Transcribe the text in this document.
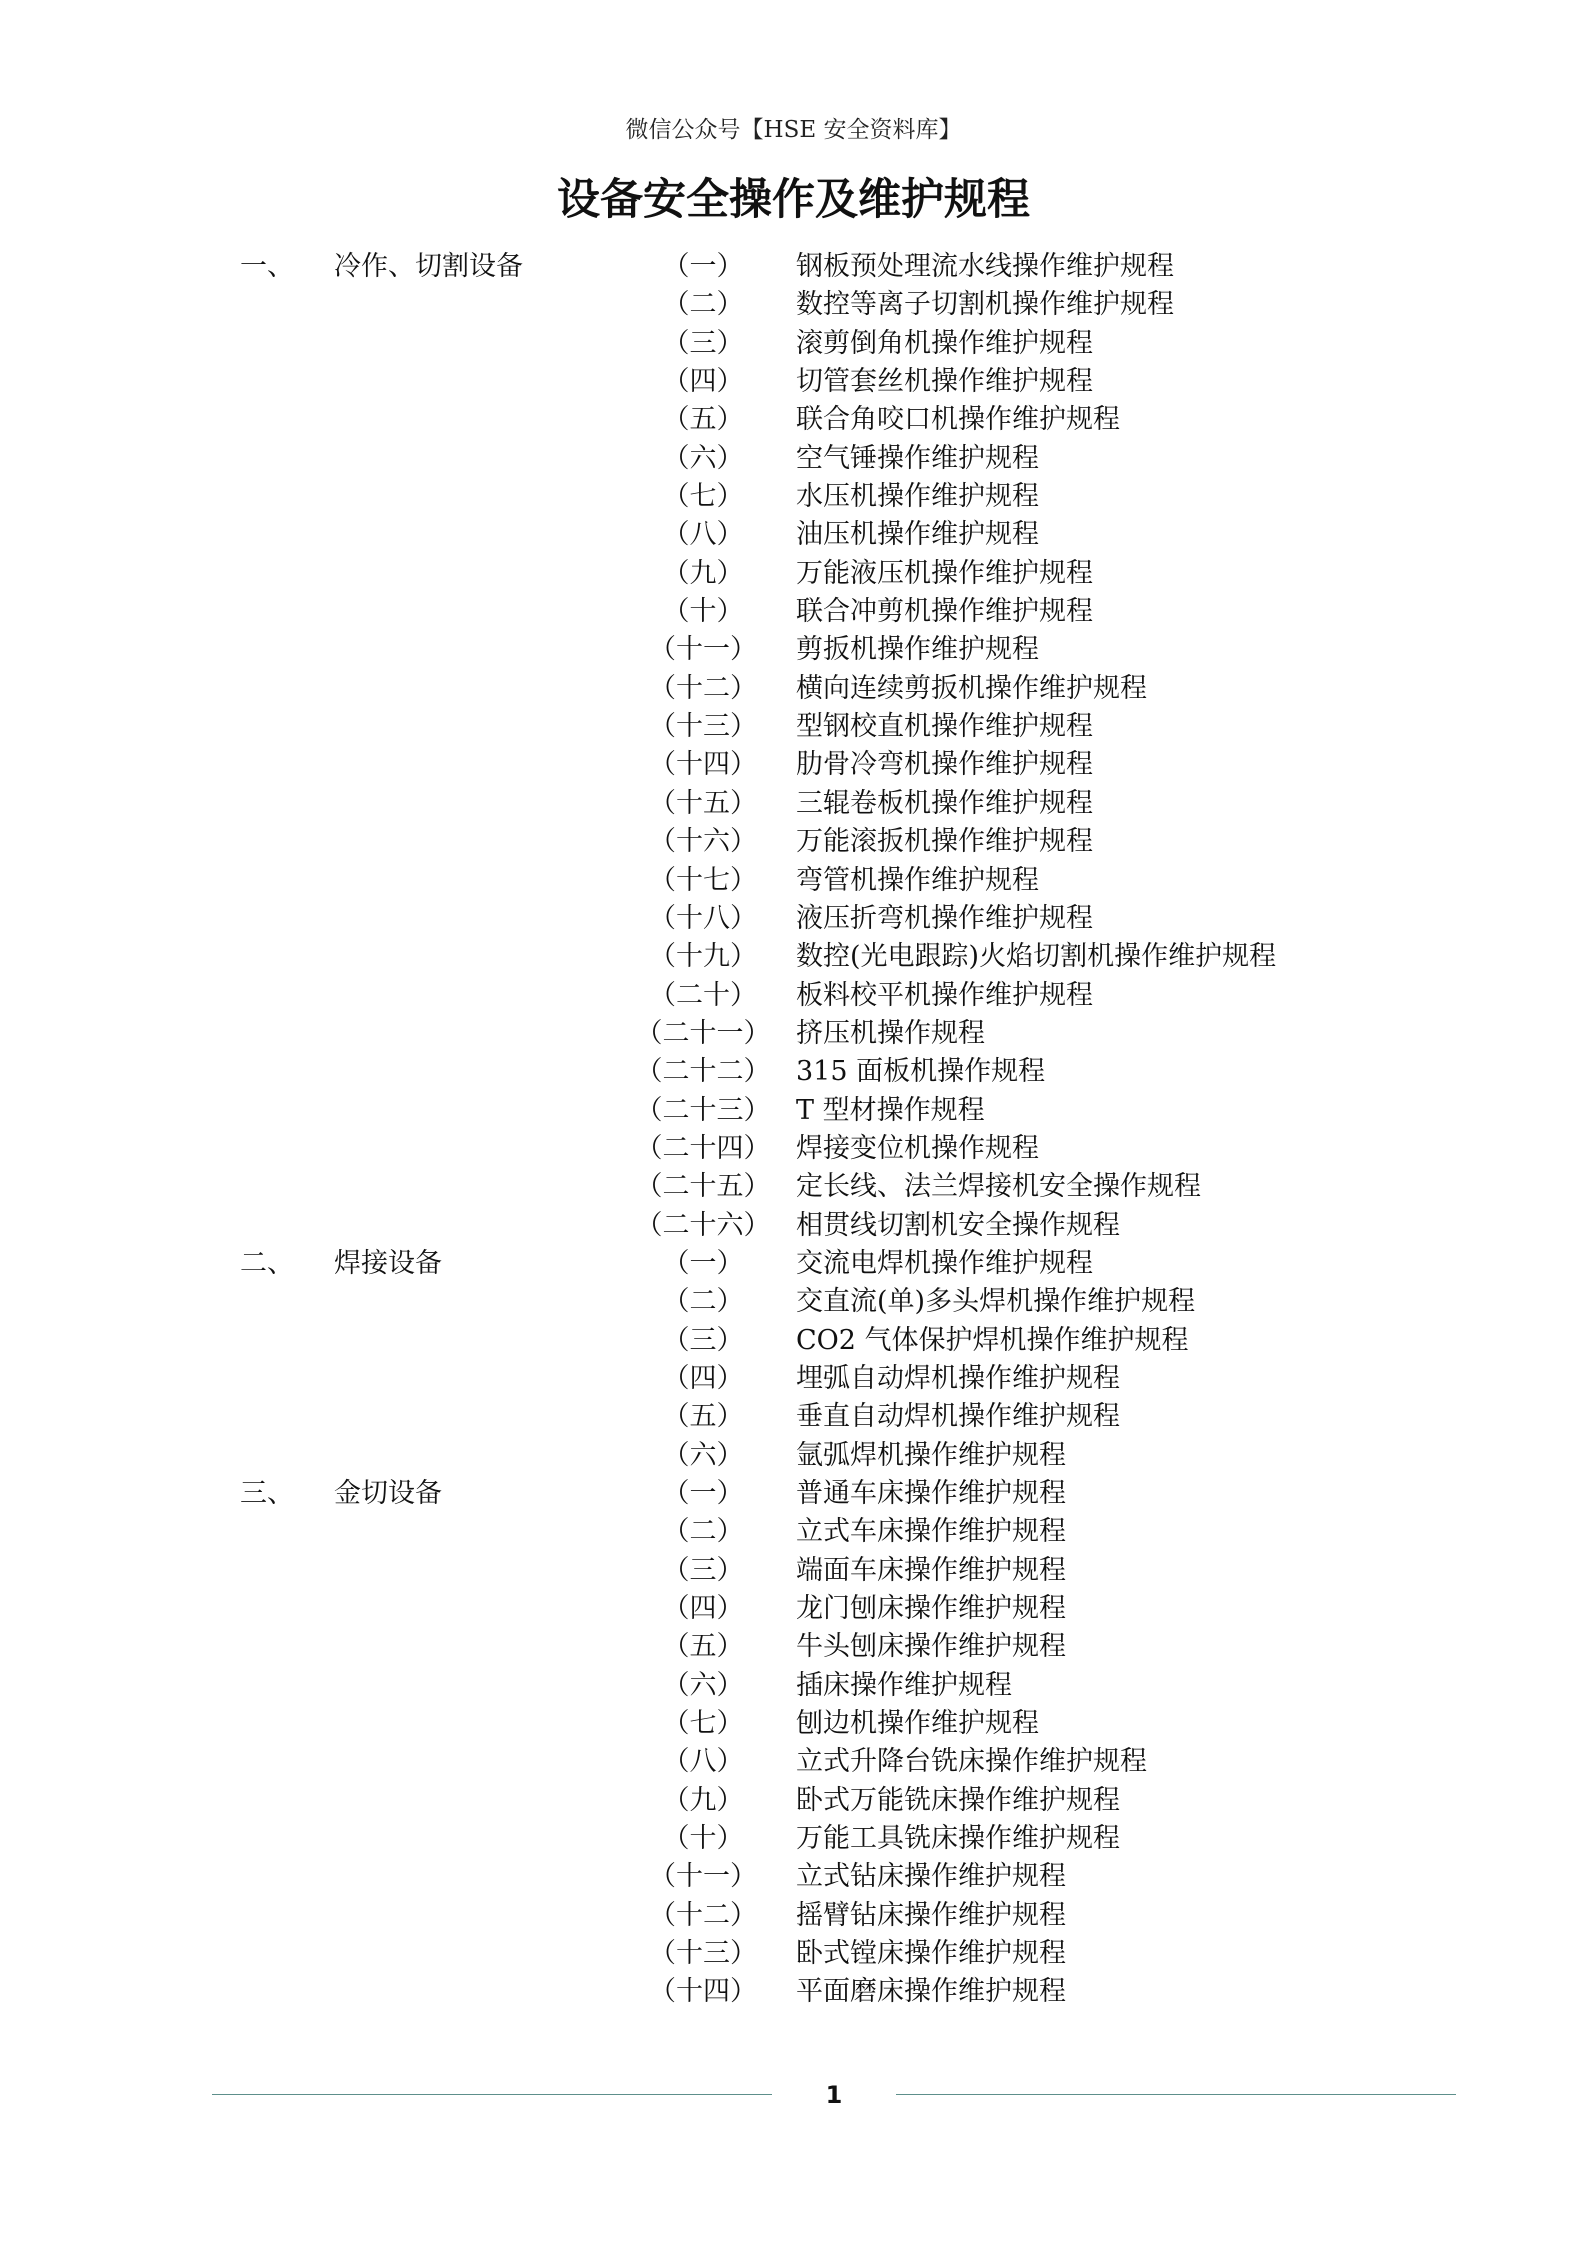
微信公众号【HSE 安全资料库】
设备安全操作及维护规程
一、 冷作、切割设备	（一）	钢板预处理流水线操作维护规程
（二）	数控等离子切割机操作维护规程
（三）	滚剪倒角机操作维护规程
（四）	切管套丝机操作维护规程
（五）	联合角咬口机操作维护规程
（六）	空气锤操作维护规程
（七）	水压机操作维护规程
（八）	油压机操作维护规程
（九）	万能液压机操作维护规程
（十）	联合冲剪机操作维护规程
（十一）	剪扳机操作维护规程
（十二）	横向连续剪扳机操作维护规程
（十三）	型钢校直机操作维护规程
（十四）	肋骨冷弯机操作维护规程
（十五）	三辊卷板机操作维护规程
（十六）	万能滚扳机操作维护规程
（十七）	弯管机操作维护规程
（十八）	液压折弯机操作维护规程
（十九）	数控(光电跟踪)火焰切割机操作维护规程
（二十）	板料校平机操作维护规程
（二十一） 挤压机操作规程
（二十二） 315 面板机操作规程
（二十三） T 型材操作规程
（二十四） 焊接变位机操作规程
（二十五） 定长线、法兰焊接机安全操作规程
（二十六） 相贯线切割机安全操作规程
二、 焊接设备	（一）	交流电焊机操作维护规程
（二）	交直流(单)多头焊机操作维护规程
（三）	CO2 气体保护焊机操作维护规程
（四）	埋弧自动焊机操作维护规程
（五）	垂直自动焊机操作维护规程
（六）	氩弧焊机操作维护规程
三、 金切设备	（一）	普通车床操作维护规程
（二）	立式车床操作维护规程
（三）	端面车床操作维护规程
（四）	龙门刨床操作维护规程
（五）	牛头刨床操作维护规程
（六）	插床操作维护规程
（七）	刨边机操作维护规程
（八）	立式升降台铣床操作维护规程
（九）	卧式万能铣床操作维护规程
（十）	万能工具铣床操作维护规程
（十一）	立式钻床操作维护规程
（十二）	摇臂钻床操作维护规程
（十三）	卧式镗床操作维护规程
（十四）	平面磨床操作维护规程
1
